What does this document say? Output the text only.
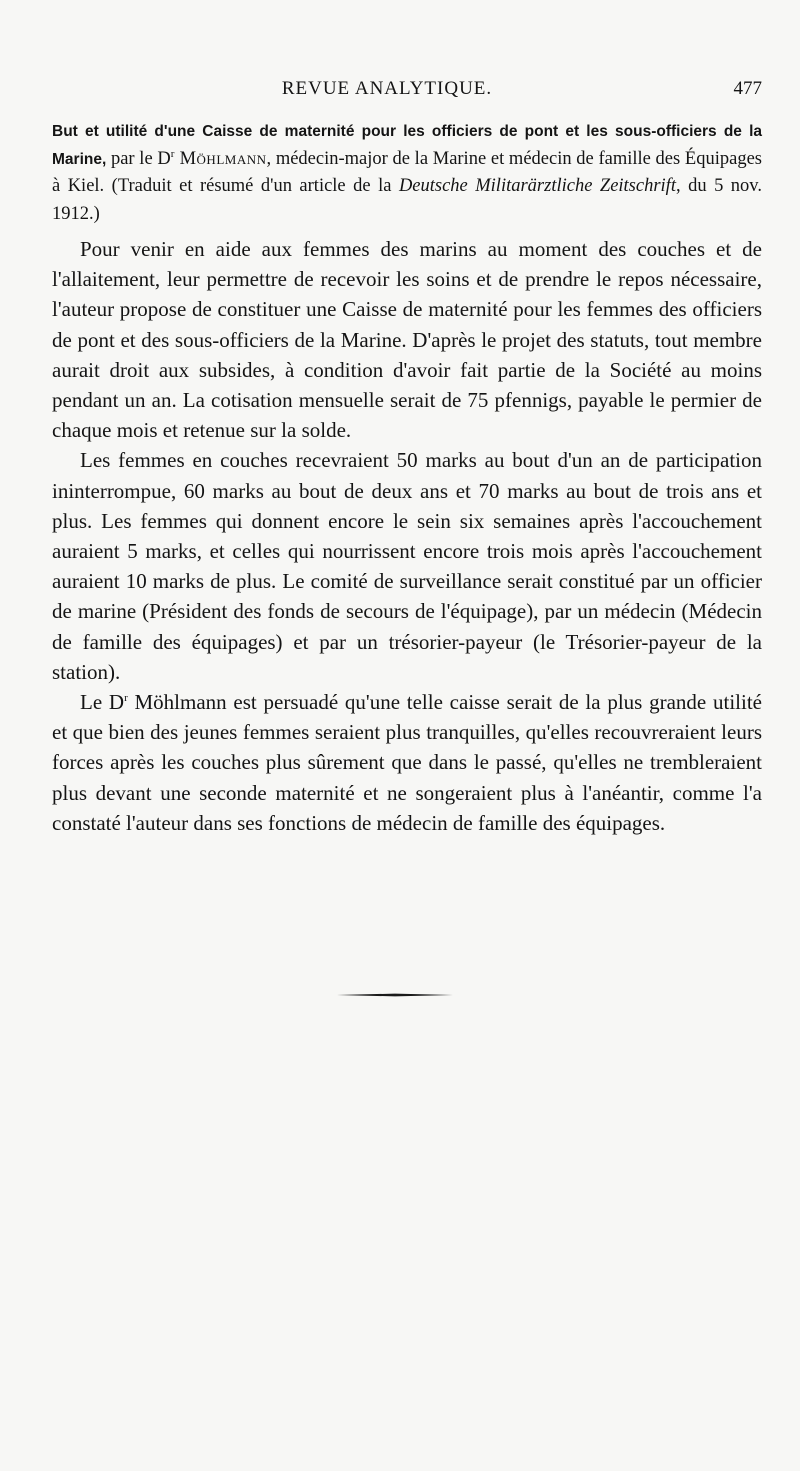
REVUE ANALYTIQUE.	477

But et utilité d'une Caisse de maternité pour les officiers de pont et les sous-officiers de la Marine, par le $D^r$ Möhlmann, médecin-major de la Marine et médecin de famille des Équipages à Kiel. (Traduit et résumé d'un article de la Deutsche Militarärztliche Zeitschrift, du 5 nov. 1912.)

Pour venir en aide aux femmes des marins au moment des couches et de l'allaitement, leur permettre de recevoir les soins et de prendre le repos nécessaire, l'auteur propose de constituer une Caisse de maternité pour les femmes des officiers de pont et des sous-officiers de la Marine. D'après le projet des statuts, tout membre aurait droit aux subsides, à condition d'avoir fait partie de la Société au moins pendant un an. La cotisation mensuelle serait de 75 pfennigs, payable le permier de chaque mois et retenue sur la solde.

Les femmes en couches recevraient 50 marks au bout d'un an de participation ininterrompue, 60 marks au bout de deux ans et 70 marks au bout de trois ans et plus. Les femmes qui donnent encore le sein six semaines après l'accouchement auraient 5 marks, et celles qui nourrissent encore trois mois après l'accouchement auraient 10 marks de plus. Le comité de surveillance serait constitué par un officier de marine (Président des fonds de secours de l'équipage), par un médecin (Médecin de famille des équipages) et par un trésorier-payeur (le Trésorier-payeur de la station).

Le $D^r$ Möhlmann est persuadé qu'une telle caisse serait de la plus grande utilité et que bien des jeunes femmes seraient plus tranquilles, qu'elles recouvreraient leurs forces après les couches plus sûrement que dans le passé, qu'elles ne trembleraient plus devant une seconde maternité et ne songeraient plus à l'anéantir, comme l'a constaté l'auteur dans ses fonctions de médecin de famille des équipages.
